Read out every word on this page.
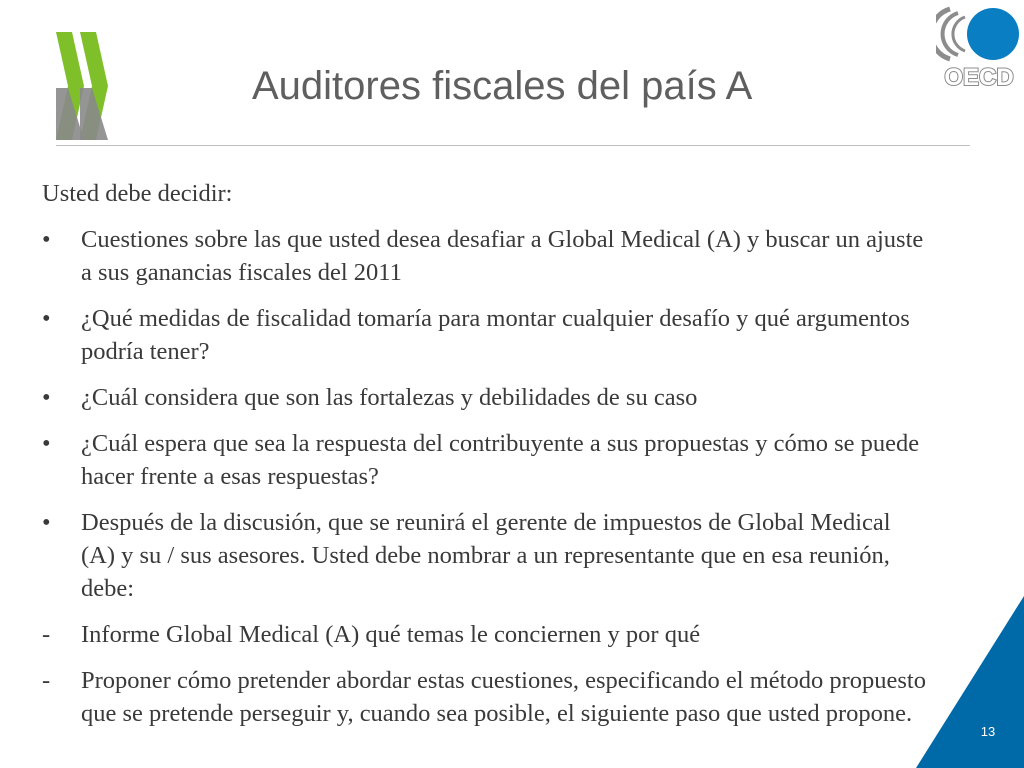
OECD
Auditores fiscales del país A

Usted debe decidir:

•	Cuestiones sobre las que usted desea desafiar a Global Medical (A) y buscar un ajuste a sus ganancias fiscales del 2011
•	¿Qué medidas de fiscalidad tomaría para montar cualquier desafío y qué argumentos podría tener?
•	¿Cuál considera que son las fortalezas y debilidades de su caso
•	¿Cuál espera que sea la respuesta del contribuyente a sus propuestas y cómo se puede hacer frente a esas respuestas?
•	Después de la discusión, que se reunirá el gerente de impuestos de Global Medical (A) y su / sus asesores. Usted debe nombrar a un representante que en esa reunión, debe:
-	Informe Global Medical (A) qué temas le conciernen y por qué
-	Proponer cómo pretender abordar estas cuestiones, especificando el método propuesto que se pretende perseguir y, cuando sea posible, el siguiente paso que usted propone.
13
